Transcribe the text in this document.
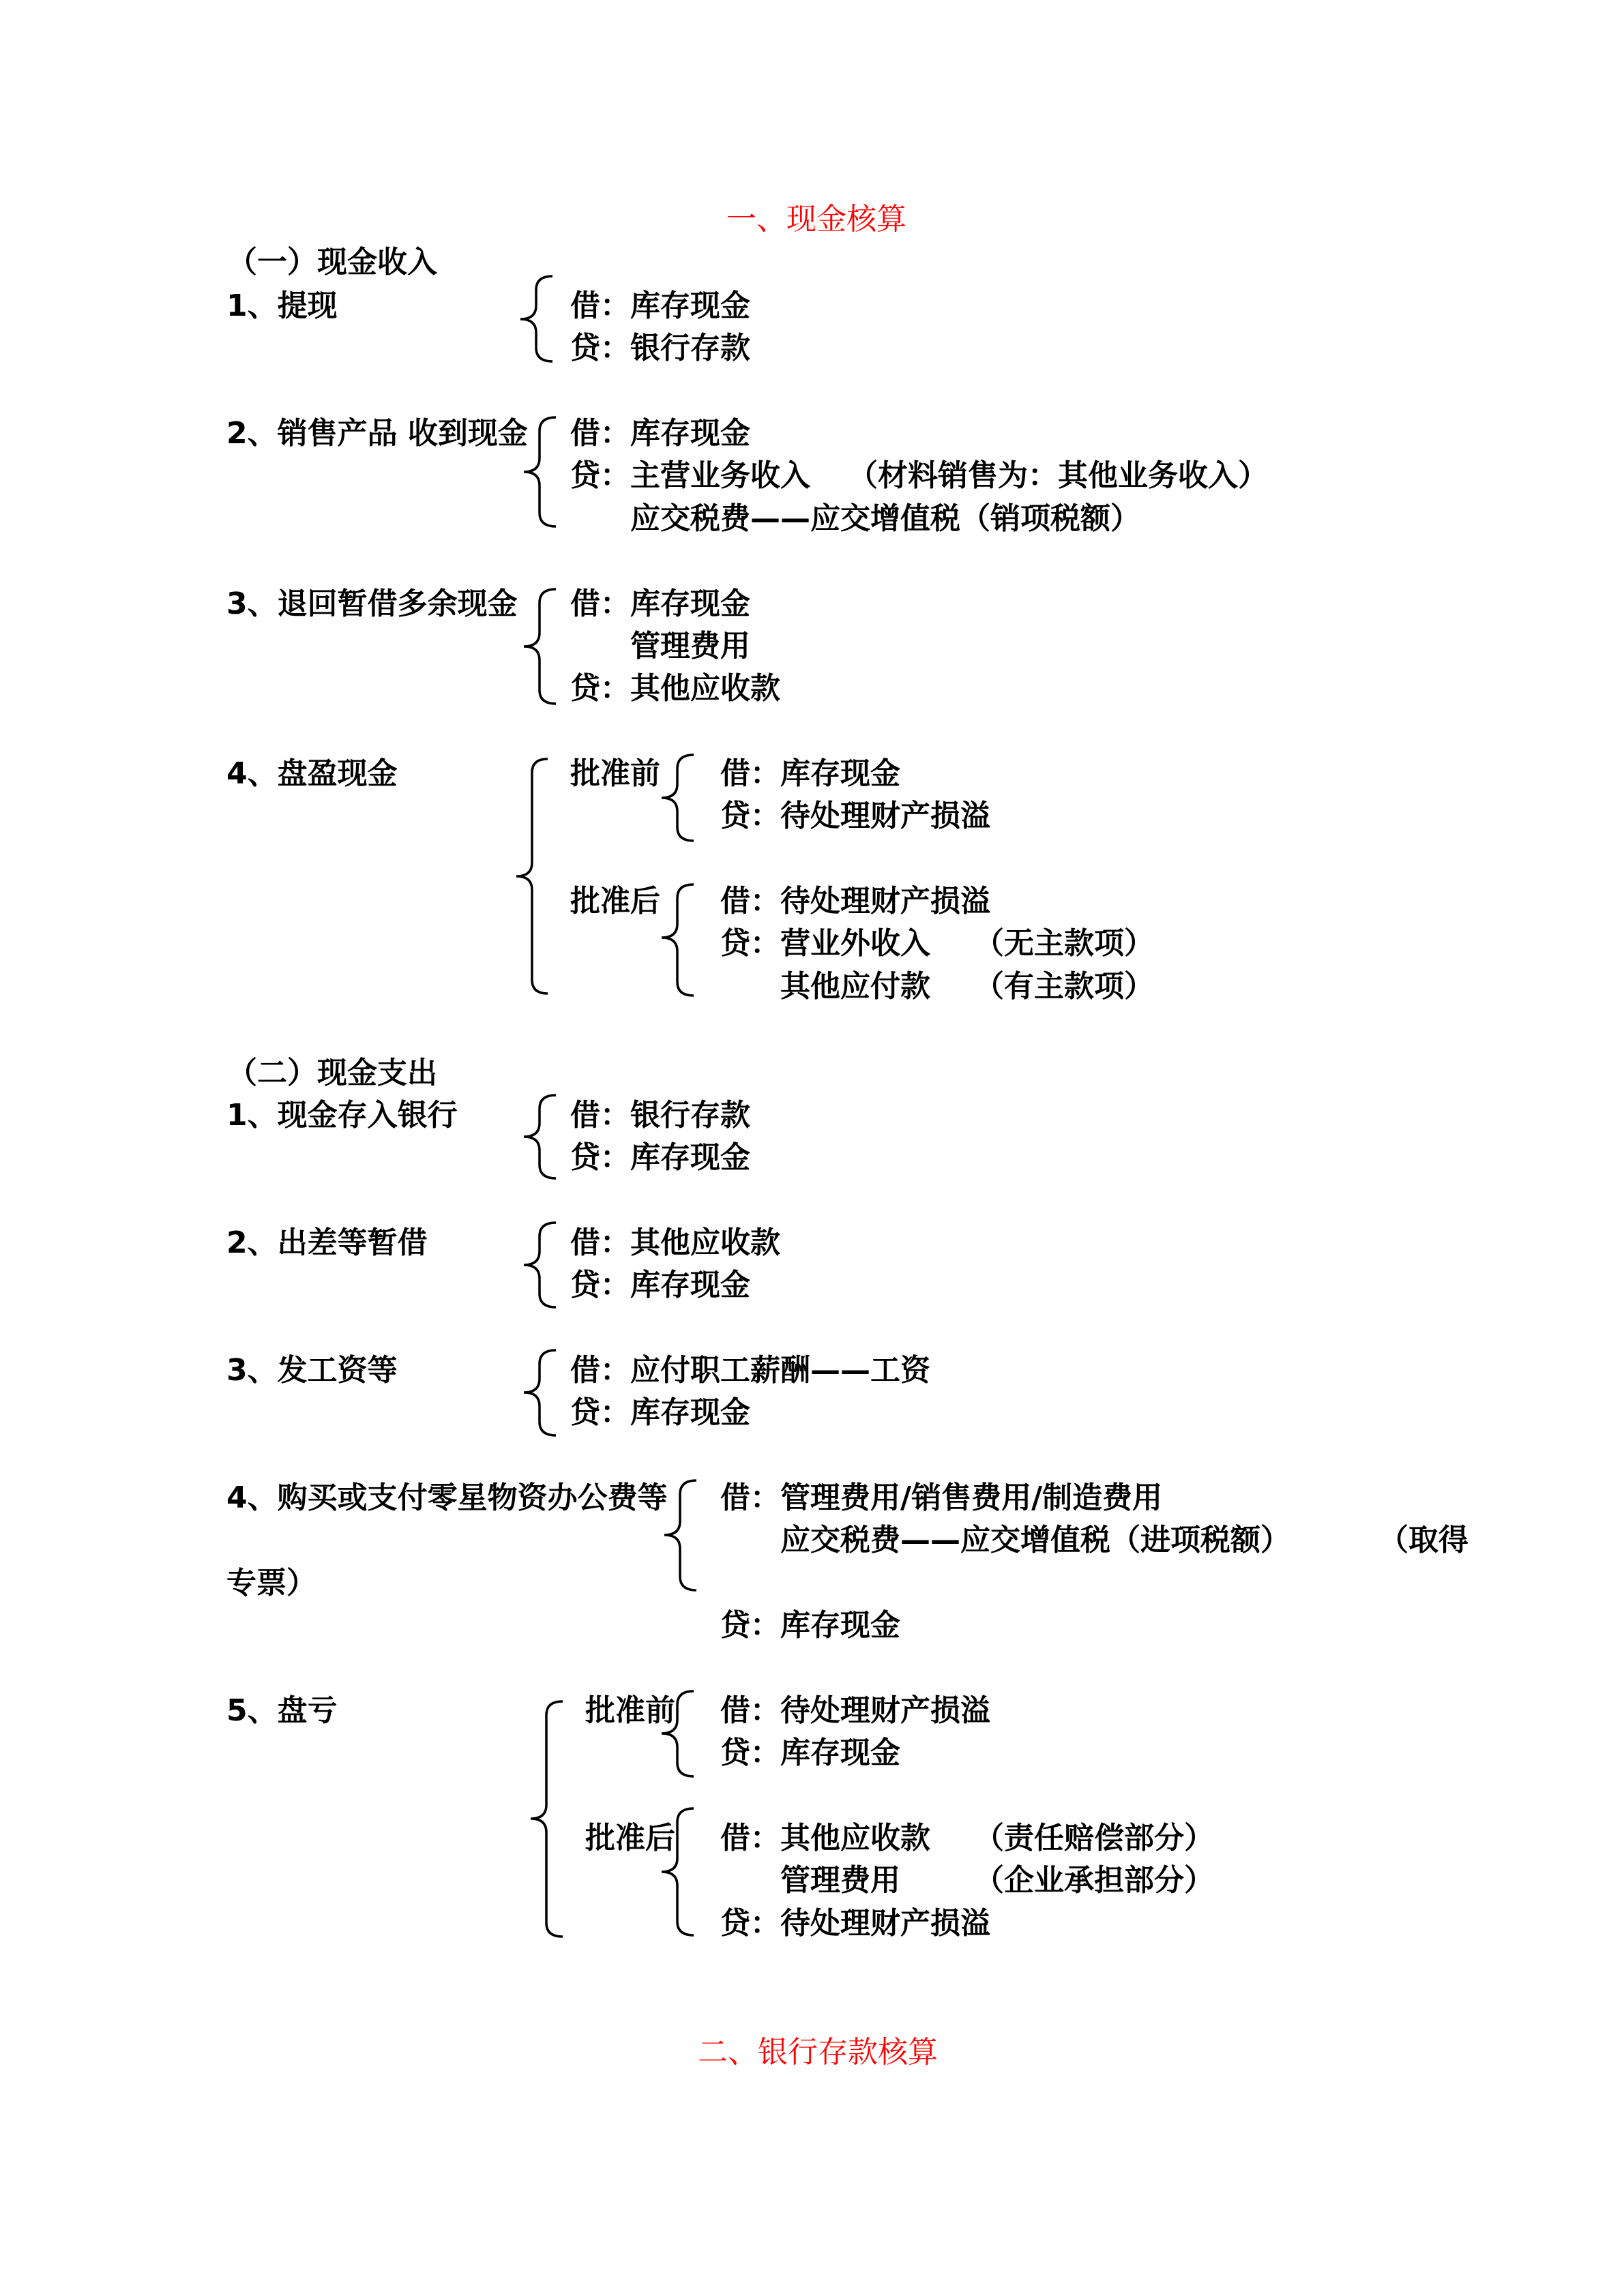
一、现金核算
（一）现金收入
1、提现	借：库存现金
贷：银行存款
2、销售产品 收到现金 借：库存现金
贷：主营业务收入 （材料销售为：其他业务收入）
应交税费——应交增值税（销项税额）
3、退回暂借多余现金 借：库存现金
管理费用
贷：其他应收款
4、盘盈现金	批准前 借：库存现金
贷：待处理财产损溢
批准后 借：待处理财产损溢
贷：营业外收入 （无主款项）
其他应付款 （有主款项）
（二）现金支出
1、现金存入银行	借：银行存款
贷：库存现金
2、出差等暂借	借：其他应收款
贷：库存现金
3、发工资等	借：应付职工薪酬——工资
贷：库存现金
4、购买或支付零星物资办公费等 借：管理费用/销售费用/制造费用
应交税费——应交增值税（进项税额）	（取得
专票）
贷：库存现金
5、盘亏	批准前 借：待处理财产损溢
贷：库存现金
批准后 借：其他应收款 （责任赔偿部分）
管理费用 （企业承担部分）
贷：待处理财产损溢
二、银行存款核算
